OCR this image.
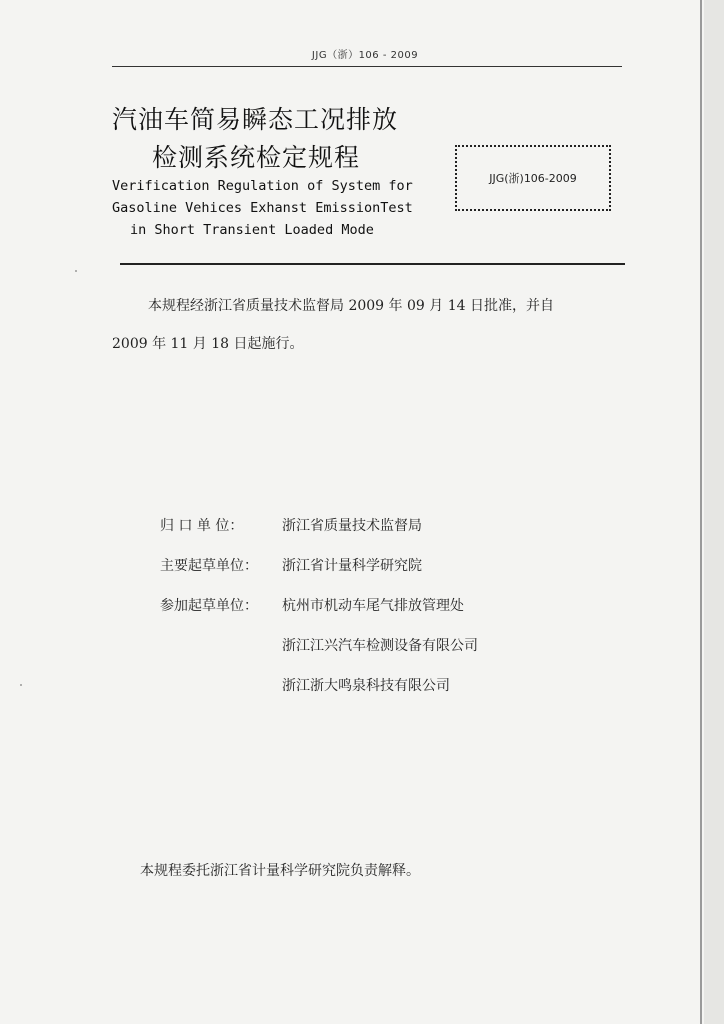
JJG（浙）106 - 2009
汽油车简易瞬态工况排放
检测系统检定规程
Verification Regulation of System for
Gasoline Vehices Exhanst EmissionTest
in Short Transient Loaded Mode
JJG(浙)106-2009
本规程经浙江省质量技术监督局 2009 年 09 月 14 日批准，并自
2009 年 11 月 18 日起施行。
归 口 单 位：	浙江省质量技术监督局
主要起草单位：	浙江省计量科学研究院
参加起草单位：	杭州市机动车尾气排放管理处
浙江江兴汽车检测设备有限公司
浙江浙大鸣泉科技有限公司
本规程委托浙江省计量科学研究院负责解释。
